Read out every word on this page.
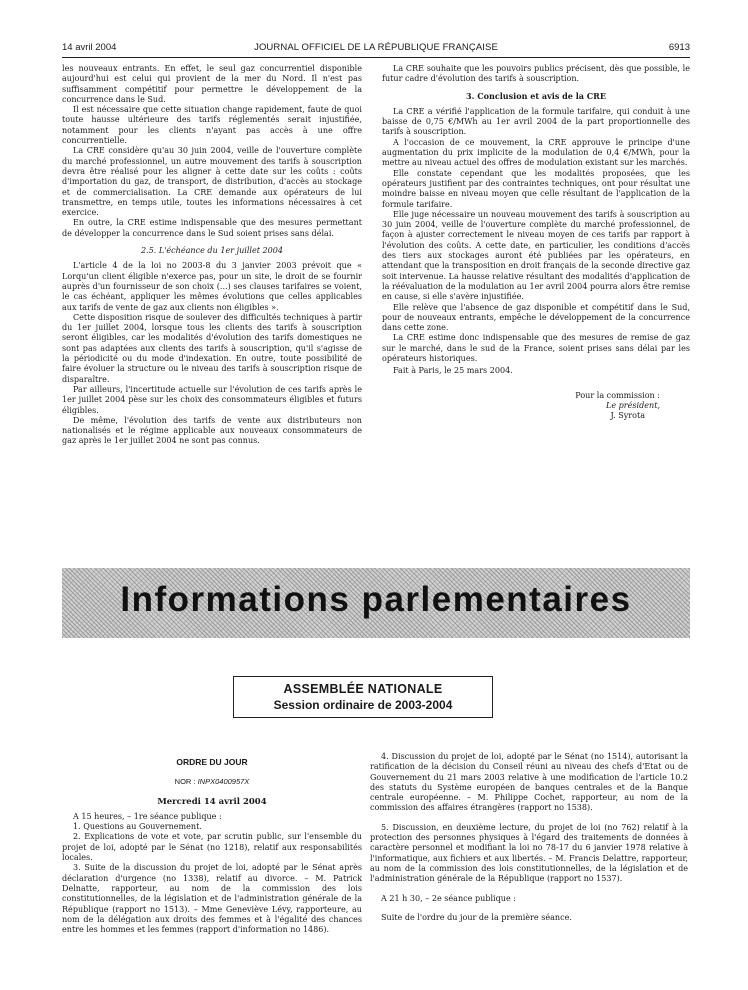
14 avril 2004	JOURNAL OFFICIEL DE LA RÉPUBLIQUE FRANÇAISE	6913

les nouveaux entrants. En effet, le seul gaz concurrentiel disponible aujourd'hui est celui qui provient de la mer du Nord. Il n'est pas suffisamment compétitif pour permettre le développement de la concurrence dans le Sud.

Il est nécessaire que cette situation change rapidement, faute de quoi toute hausse ultérieure des tarifs réglementés serait injustifiée, notamment pour les clients n'ayant pas accès à une offre concurrentielle.

La CRE considère qu'au 30 juin 2004, veille de l'ouverture complète du marché professionnel, un autre mouvement des tarifs à souscription devra être réalisé pour les aligner à cette date sur les coûts : coûts d'importation du gaz, de transport, de distribution, d'accès au stockage et de commercialisation. La CRE demande aux opérateurs de lui transmettre, en temps utile, toutes les informations nécessaires à cet exercice.

En outre, la CRE estime indispensable que des mesures permettant de développer la concurrence dans le Sud soient prises sans délai.

2.5. L'échéance du 1er juillet 2004

L'article 4 de la loi no 2003-8 du 3 janvier 2003 prévoit que « Lorqu'un client éligible n'exerce pas, pour un site, le droit de se fournir auprès d'un fournisseur de son choix (...) ses clauses tarifaires se voient, le cas échéant, appliquer les mêmes évolutions que celles applicables aux tarifs de vente de gaz aux clients non éligibles ».

Cette disposition risque de soulever des difficultés techniques à partir du 1er juillet 2004, lorsque tous les clients des tarifs à souscription seront éligibles, car les modalités d'évolution des tarifs domestiques ne sont pas adaptées aux clients des tarifs à souscription, qu'il s'agisse de la périodicité ou du mode d'indexation. En outre, toute possibilité de faire évoluer la structure ou le niveau des tarifs à souscription risque de disparaître.

Par ailleurs, l'incertitude actuelle sur l'évolution de ces tarifs après le 1er juillet 2004 pèse sur les choix des consommateurs éligibles et futurs éligibles.

De même, l'évolution des tarifs de vente aux distributeurs non nationalisés et le régime applicable aux nouveaux consommateurs de gaz après le 1er juillet 2004 ne sont pas connus.

La CRE souhaite que les pouvoirs publics précisent, dès que possible, le futur cadre d'évolution des tarifs à souscription.

3. Conclusion et avis de la CRE

La CRE a vérifié l'application de la formule tarifaire, qui conduit à une baisse de 0,75 €/MWh au 1er avril 2004 de la part proportionnelle des tarifs à souscription.

A l'occasion de ce mouvement, la CRE approuve le principe d'une augmentation du prix implicite de la modulation de 0,4 €/MWh, pour la mettre au niveau actuel des offres de modulation existant sur les marchés.

Elle constate cependant que les modalités proposées, que les opérateurs justifient par des contraintes techniques, ont pour résultat une moindre baisse en niveau moyen que celle résultant de l'application de la formule tarifaire.

Elle juge nécessaire un nouveau mouvement des tarifs à souscription au 30 juin 2004, veille de l'ouverture complète du marché professionnel, de façon à ajuster correctement le niveau moyen de ces tarifs par rapport à l'évolution des coûts. A cette date, en particulier, les conditions d'accès des tiers aux stockages auront été publiées par les opérateurs, en attendant que la transposition en droit français de la seconde directive gaz soit intervenue. La hausse relative résultant des modalités d'application de la réévaluation de la modulation au 1er avril 2004 pourra alors être remise en cause, si elle s'avère injustifiée.

Elle relève que l'absence de gaz disponible et compétitif dans le Sud, pour de nouveaux entrants, empêche le développement de la concurrence dans cette zone.

La CRE estime donc indispensable que des mesures de remise de gaz sur le marché, dans le sud de la France, soient prises sans délai par les opérateurs historiques.

Fait à Paris, le 25 mars 2004.

Pour la commission :

Le président,

J. Syrota

Informations parlementaires
ASSEMBLÉE NATIONALE
Session ordinaire de 2003-2004
ORDRE DU JOUR
NOR : INPX0400957X
Mercredi 14 avril 2004

A 15 heures, – 1re séance publique :

1. Questions au Gouvernement.

2. Explications de vote et vote, par scrutin public, sur l'ensemble du projet de loi, adopté par le Sénat (no 1218), relatif aux responsabilités locales.

3. Suite de la discussion du projet de loi, adopté par le Sénat après déclaration d'urgence (no 1338), relatif au divorce. – M. Patrick Delnatte, rapporteur, au nom de la commission des lois constitutionnelles, de la législation et de l'administration générale de la République (rapport no 1513). – Mme Geneviève Lévy, rapporteure, au nom de la délégation aux droits des femmes et à l'égalité des chances entre les hommes et les femmes (rapport d'information no 1486).

4. Discussion du projet de loi, adopté par le Sénat (no 1514), autorisant la ratification de la décision du Conseil réuni au niveau des chefs d'Etat ou de Gouvernement du 21 mars 2003 relative à une modification de l'article 10.2 des statuts du Système européen de banques centrales et de la Banque centrale européenne. – M. Philippe Cochet, rapporteur, au nom de la commission des affaires étrangères (rapport no 1538).

5. Discussion, en deuxième lecture, du projet de loi (no 762) relatif à la protection des personnes physiques à l'égard des traitements de données à caractère personnel et modifiant la loi no 78-17 du 6 janvier 1978 relative à l'informatique, aux fichiers et aux libertés. – M. Francis Delattre, rapporteur, au nom de la commission des lois constitutionnelles, de la législation et de l'administration générale de la République (rapport no 1537).

A 21 h 30, – 2e séance publique :

Suite de l'ordre du jour de la première séance.
